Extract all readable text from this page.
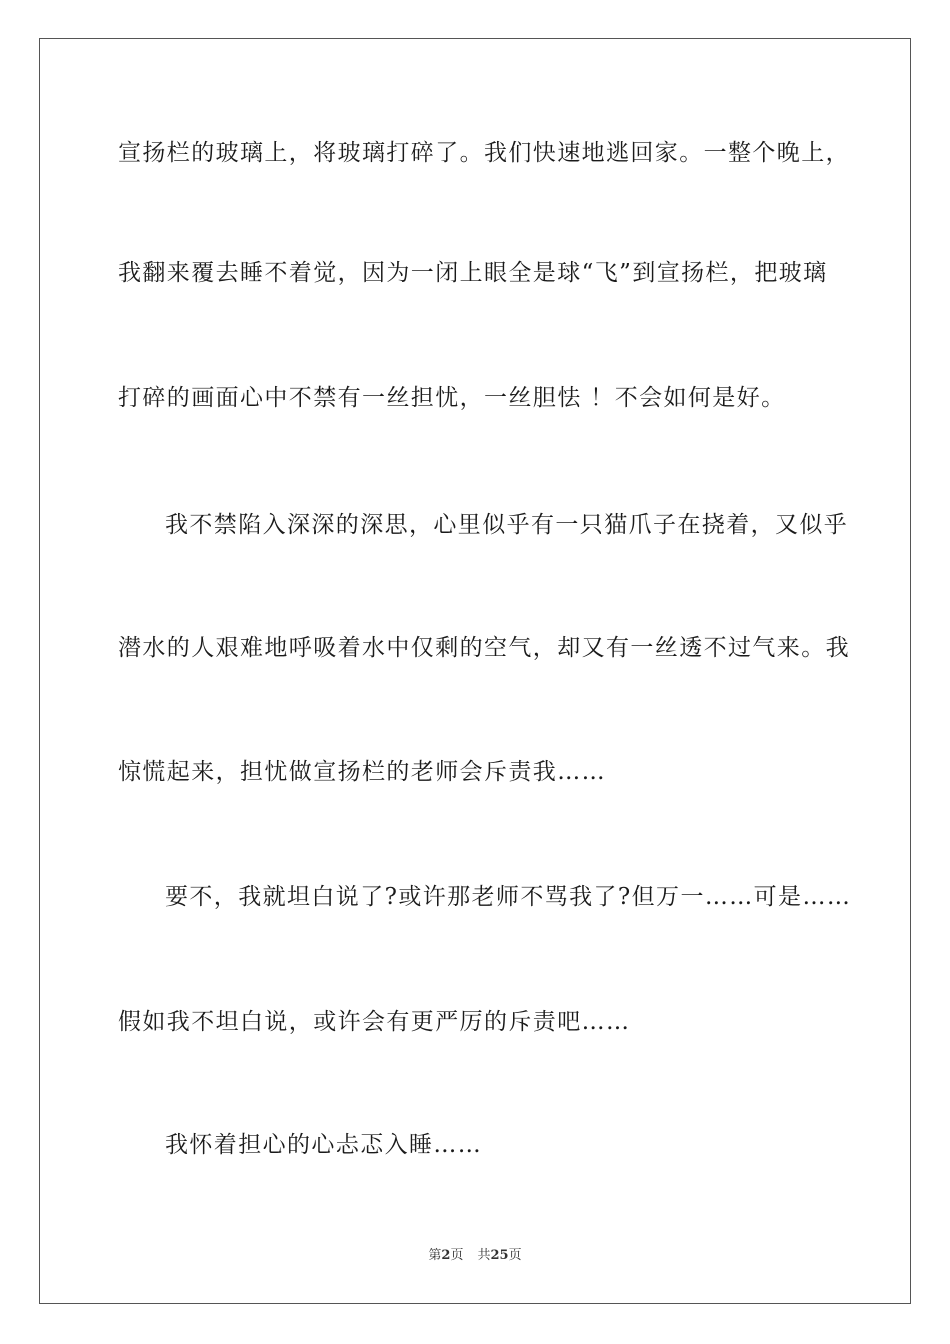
宣扬栏的玻璃上，将玻璃打碎了。我们快速地逃回家。一整个晚上，
我翻来覆去睡不着觉，因为一闭上眼全是球“飞”到宣扬栏，把玻璃
打碎的画面心中不禁有一丝担忧，一丝胆怯 ！不会如何是好。
我不禁陷入深深的深思，心里似乎有一只猫爪子在挠着，又似乎
潜水的人艰难地呼吸着水中仅剩的空气，却又有一丝透不过气来。我
惊慌起来，担忧做宣扬栏的老师会斥责我……
要不，我就坦白说了?或许那老师不骂我了?但万一……可是……
假如我不坦白说，或许会有更严厉的斥责吧……
我怀着担心的心忐忑入睡……
第2页 共25页
